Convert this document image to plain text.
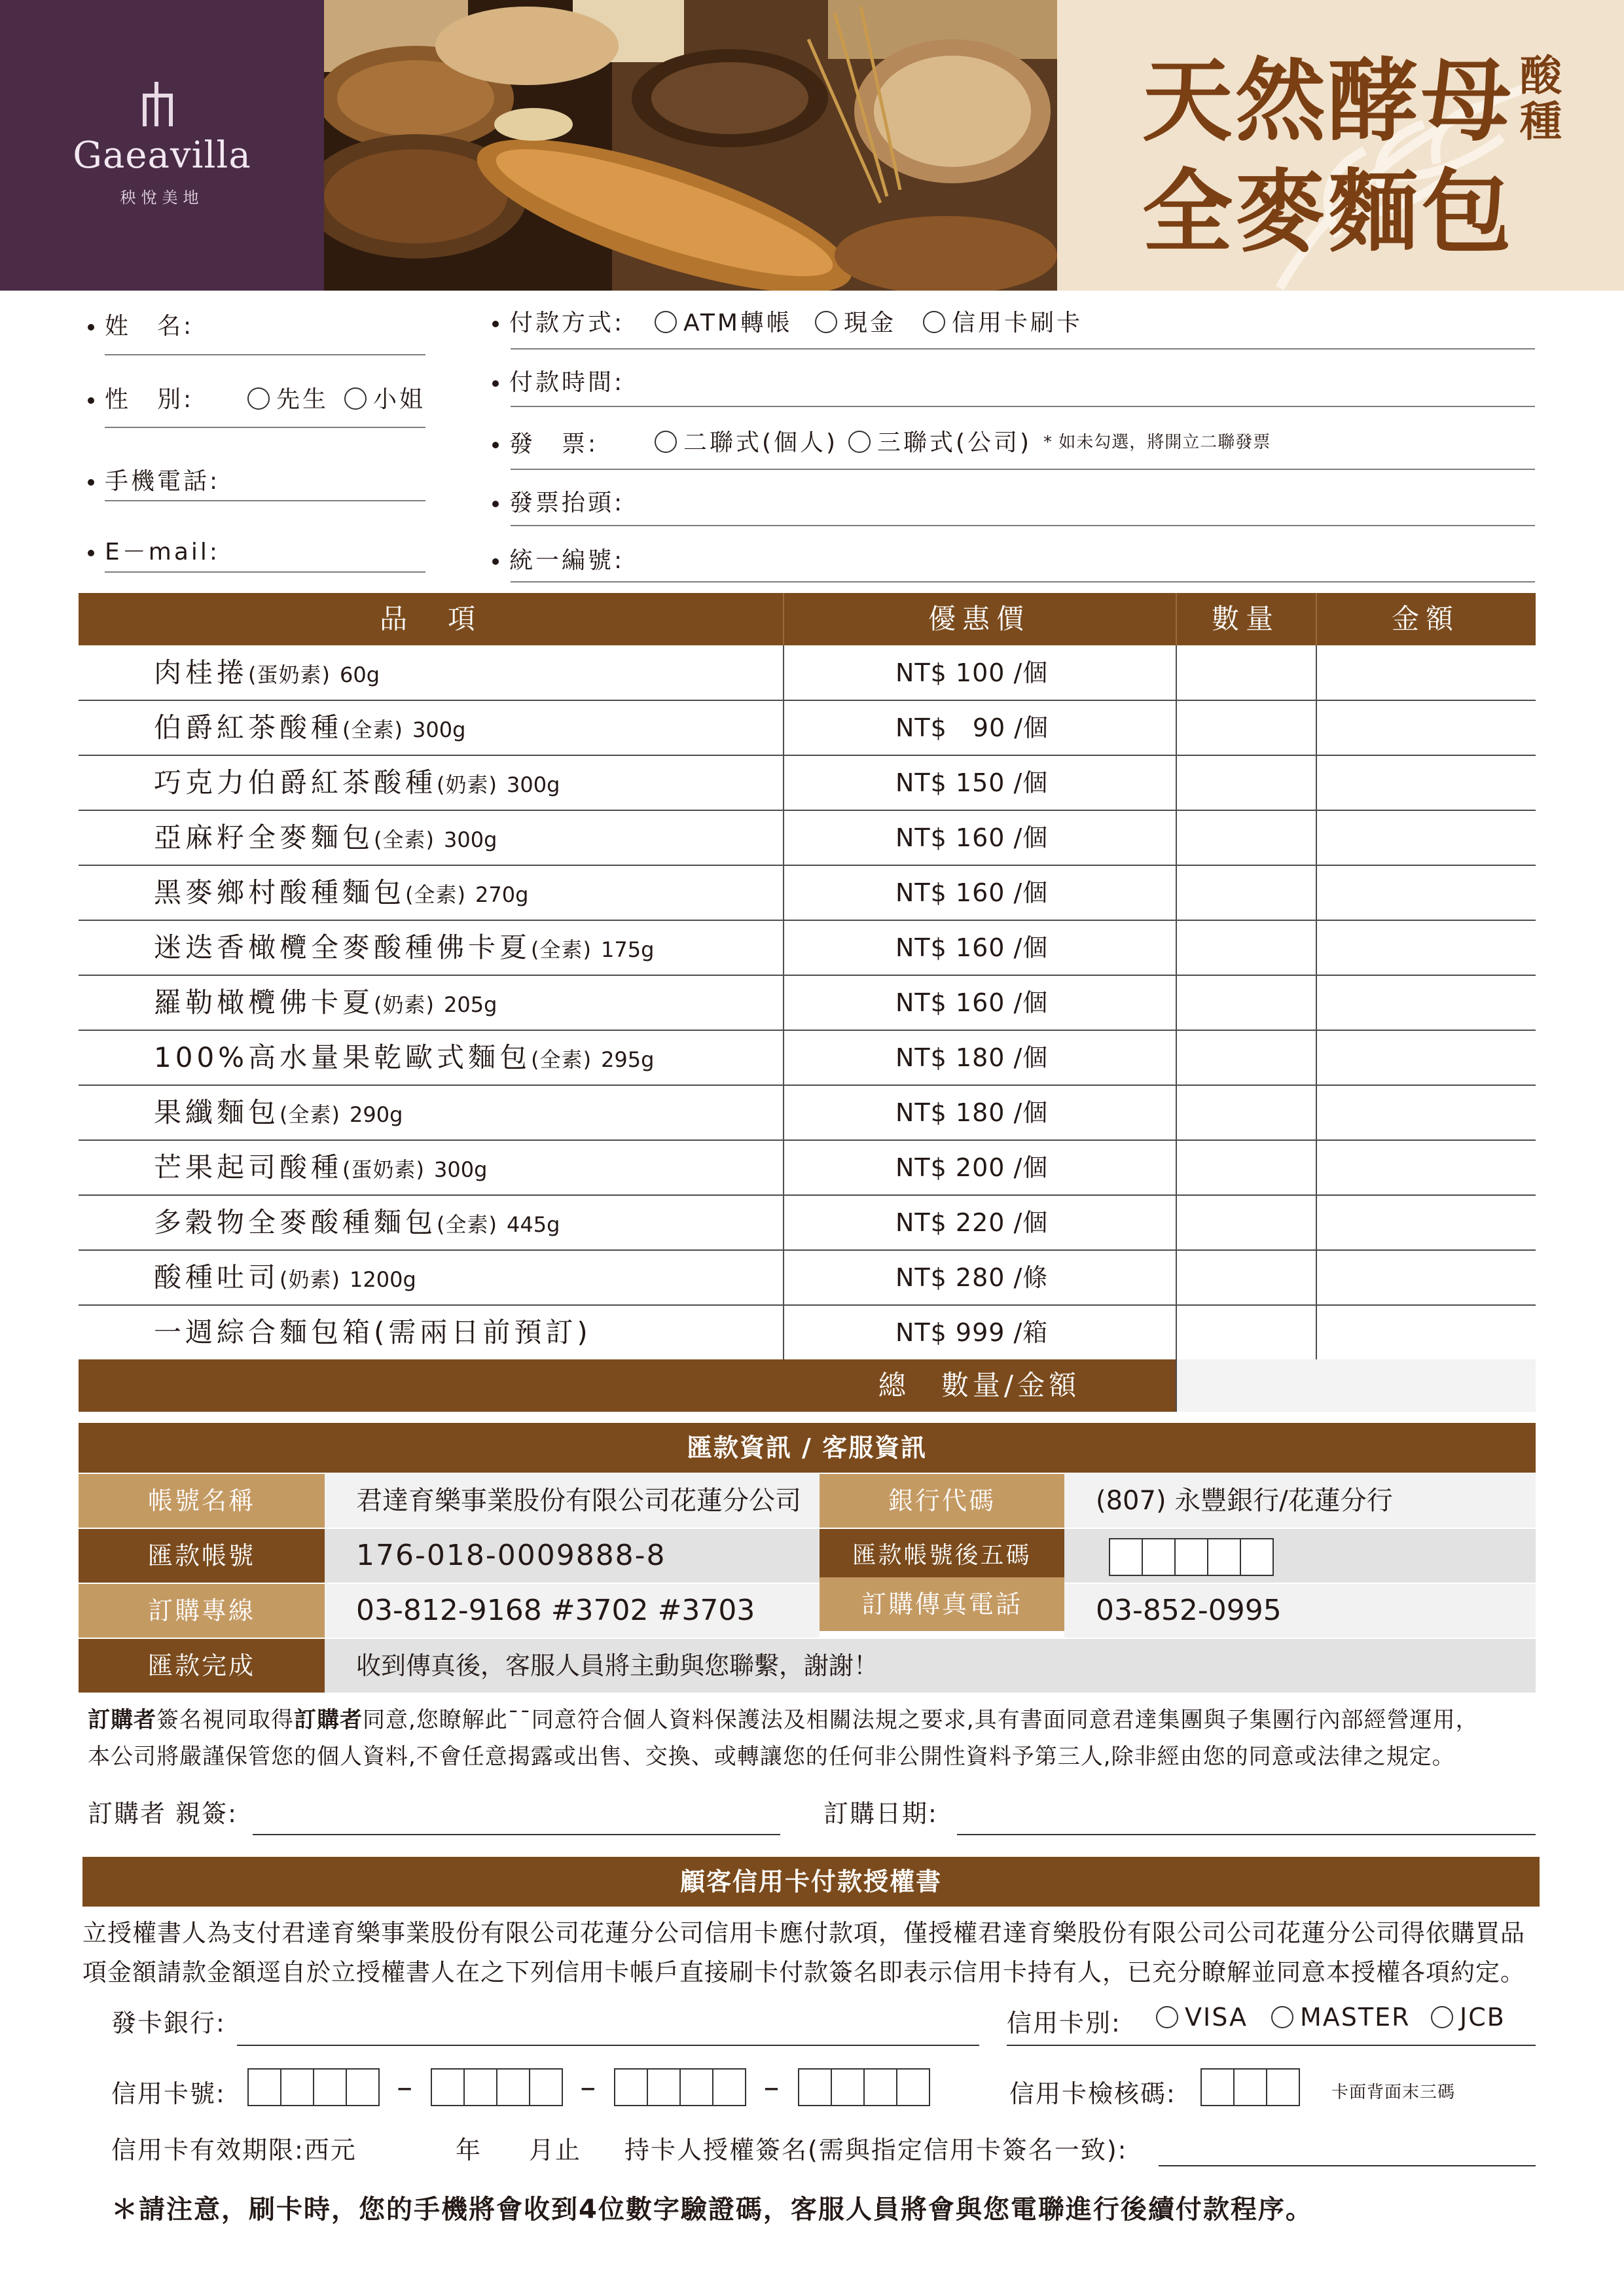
Gaeavilla
秧悅美地
天然酵母
全麥麵包
酸種
姓　名:
性　別:	先生	小姐
手機電話:
E－mail:
付款方式:	ATM轉帳	現金	信用卡刷卡
付款時間:
發　票:	二聯式(個人)	三聯式(公司) * 如未勾選，將開立二聯發票
發票抬頭:
統一編號:
品　項	優惠價	數量	金額
肉桂捲(蛋奶素) 60g	NT$ 100 /個
伯爵紅茶酸種(全素) 300g	NT$　90 /個
巧克力伯爵紅茶酸種(奶素) 300g	NT$ 150 /個
亞麻籽全麥麵包(全素) 300g	NT$ 160 /個
黑麥鄉村酸種麵包(全素) 270g	NT$ 160 /個
迷迭香橄欖全麥酸種佛卡夏(全素) 175g	NT$ 160 /個
羅勒橄欖佛卡夏(奶素) 205g	NT$ 160 /個
100%高水量果乾歐式麵包(全素) 295g	NT$ 180 /個
果纖麵包(全素) 290g	NT$ 180 /個
芒果起司酸種(蛋奶素) 300g	NT$ 200 /個
多穀物全麥酸種麵包(全素) 445g	NT$ 220 /個
酸種吐司(奶素) 1200g	NT$ 280 /條
一週綜合麵包箱(需兩日前預訂)	NT$ 999 /箱
總　數量/金額
匯款資訊 / 客服資訊
帳號名稱	君達育樂事業股份有限公司花蓮分公司	銀行代碼	(807) 永豐銀行/花蓮分行
匯款帳號	176-018-0009888-8	匯款帳號後五碼
訂購專線	03-812-9168 #3702 #3703	訂購傳真電話	03-852-0995
匯款完成	收到傳真後，客服人員將主動與您聯繫，謝謝！
訂購者簽名視同取得訂購者同意,您瞭解此¯¯同意符合個人資料保護法及相關法規之要求,具有書面同意君達集團與子集團行內部經營運用，
本公司將嚴謹保管您的個人資料,不會任意揭露或出售、交換、或轉讓您的任何非公開性資料予第三人,除非經由您的同意或法律之規定。
訂購者 親簽:	訂購日期:
顧客信用卡付款授權書
立授權書人為支付君達育樂事業股份有限公司花蓮分公司信用卡應付款項，僅授權君達育樂股份有限公司公司花蓮分公司得依購買品
項金額請款金額逕自於立授權書人在之下列信用卡帳戶直接刷卡付款簽名即表示信用卡持有人，已充分瞭解並同意本授權各項約定。
發卡銀行:	信用卡別:	VISA	MASTER	JCB
信用卡號:	–	–	–	信用卡檢核碼:	卡面背面末三碼
信用卡有效期限:西元	年 月止 持卡人授權簽名(需與指定信用卡簽名一致):
＊請注意，刷卡時，您的手機將會收到4位數字驗證碼，客服人員將會與您電聯進行後續付款程序。
